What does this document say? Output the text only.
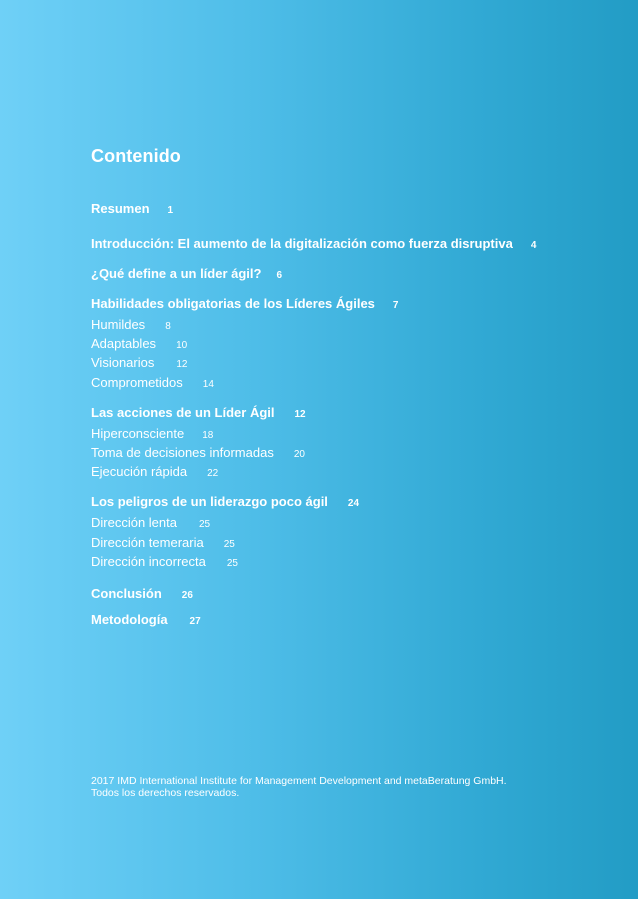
Contenido
Resumen 1
Introducción: El aumento de la digitalización como fuerza disruptiva 4
¿Qué define a un líder ágil? 6
Habilidades obligatorias de los Líderes Ágiles 7
Humildes 8
Adaptables 10
Visionarios 12
Comprometidos 14
Las acciones de un Líder Ágil 12
Hiperconsciente 18
Toma de decisiones informadas 20
Ejecución rápida 22
Los peligros de un liderazgo poco ágil 24
Dirección lenta 25
Dirección temeraria 25
Dirección incorrecta 25
Conclusión 26
Metodología 27
2017 IMD International Institute for Management Development and metaBeratung GmbH.
Todos los derechos reservados.
